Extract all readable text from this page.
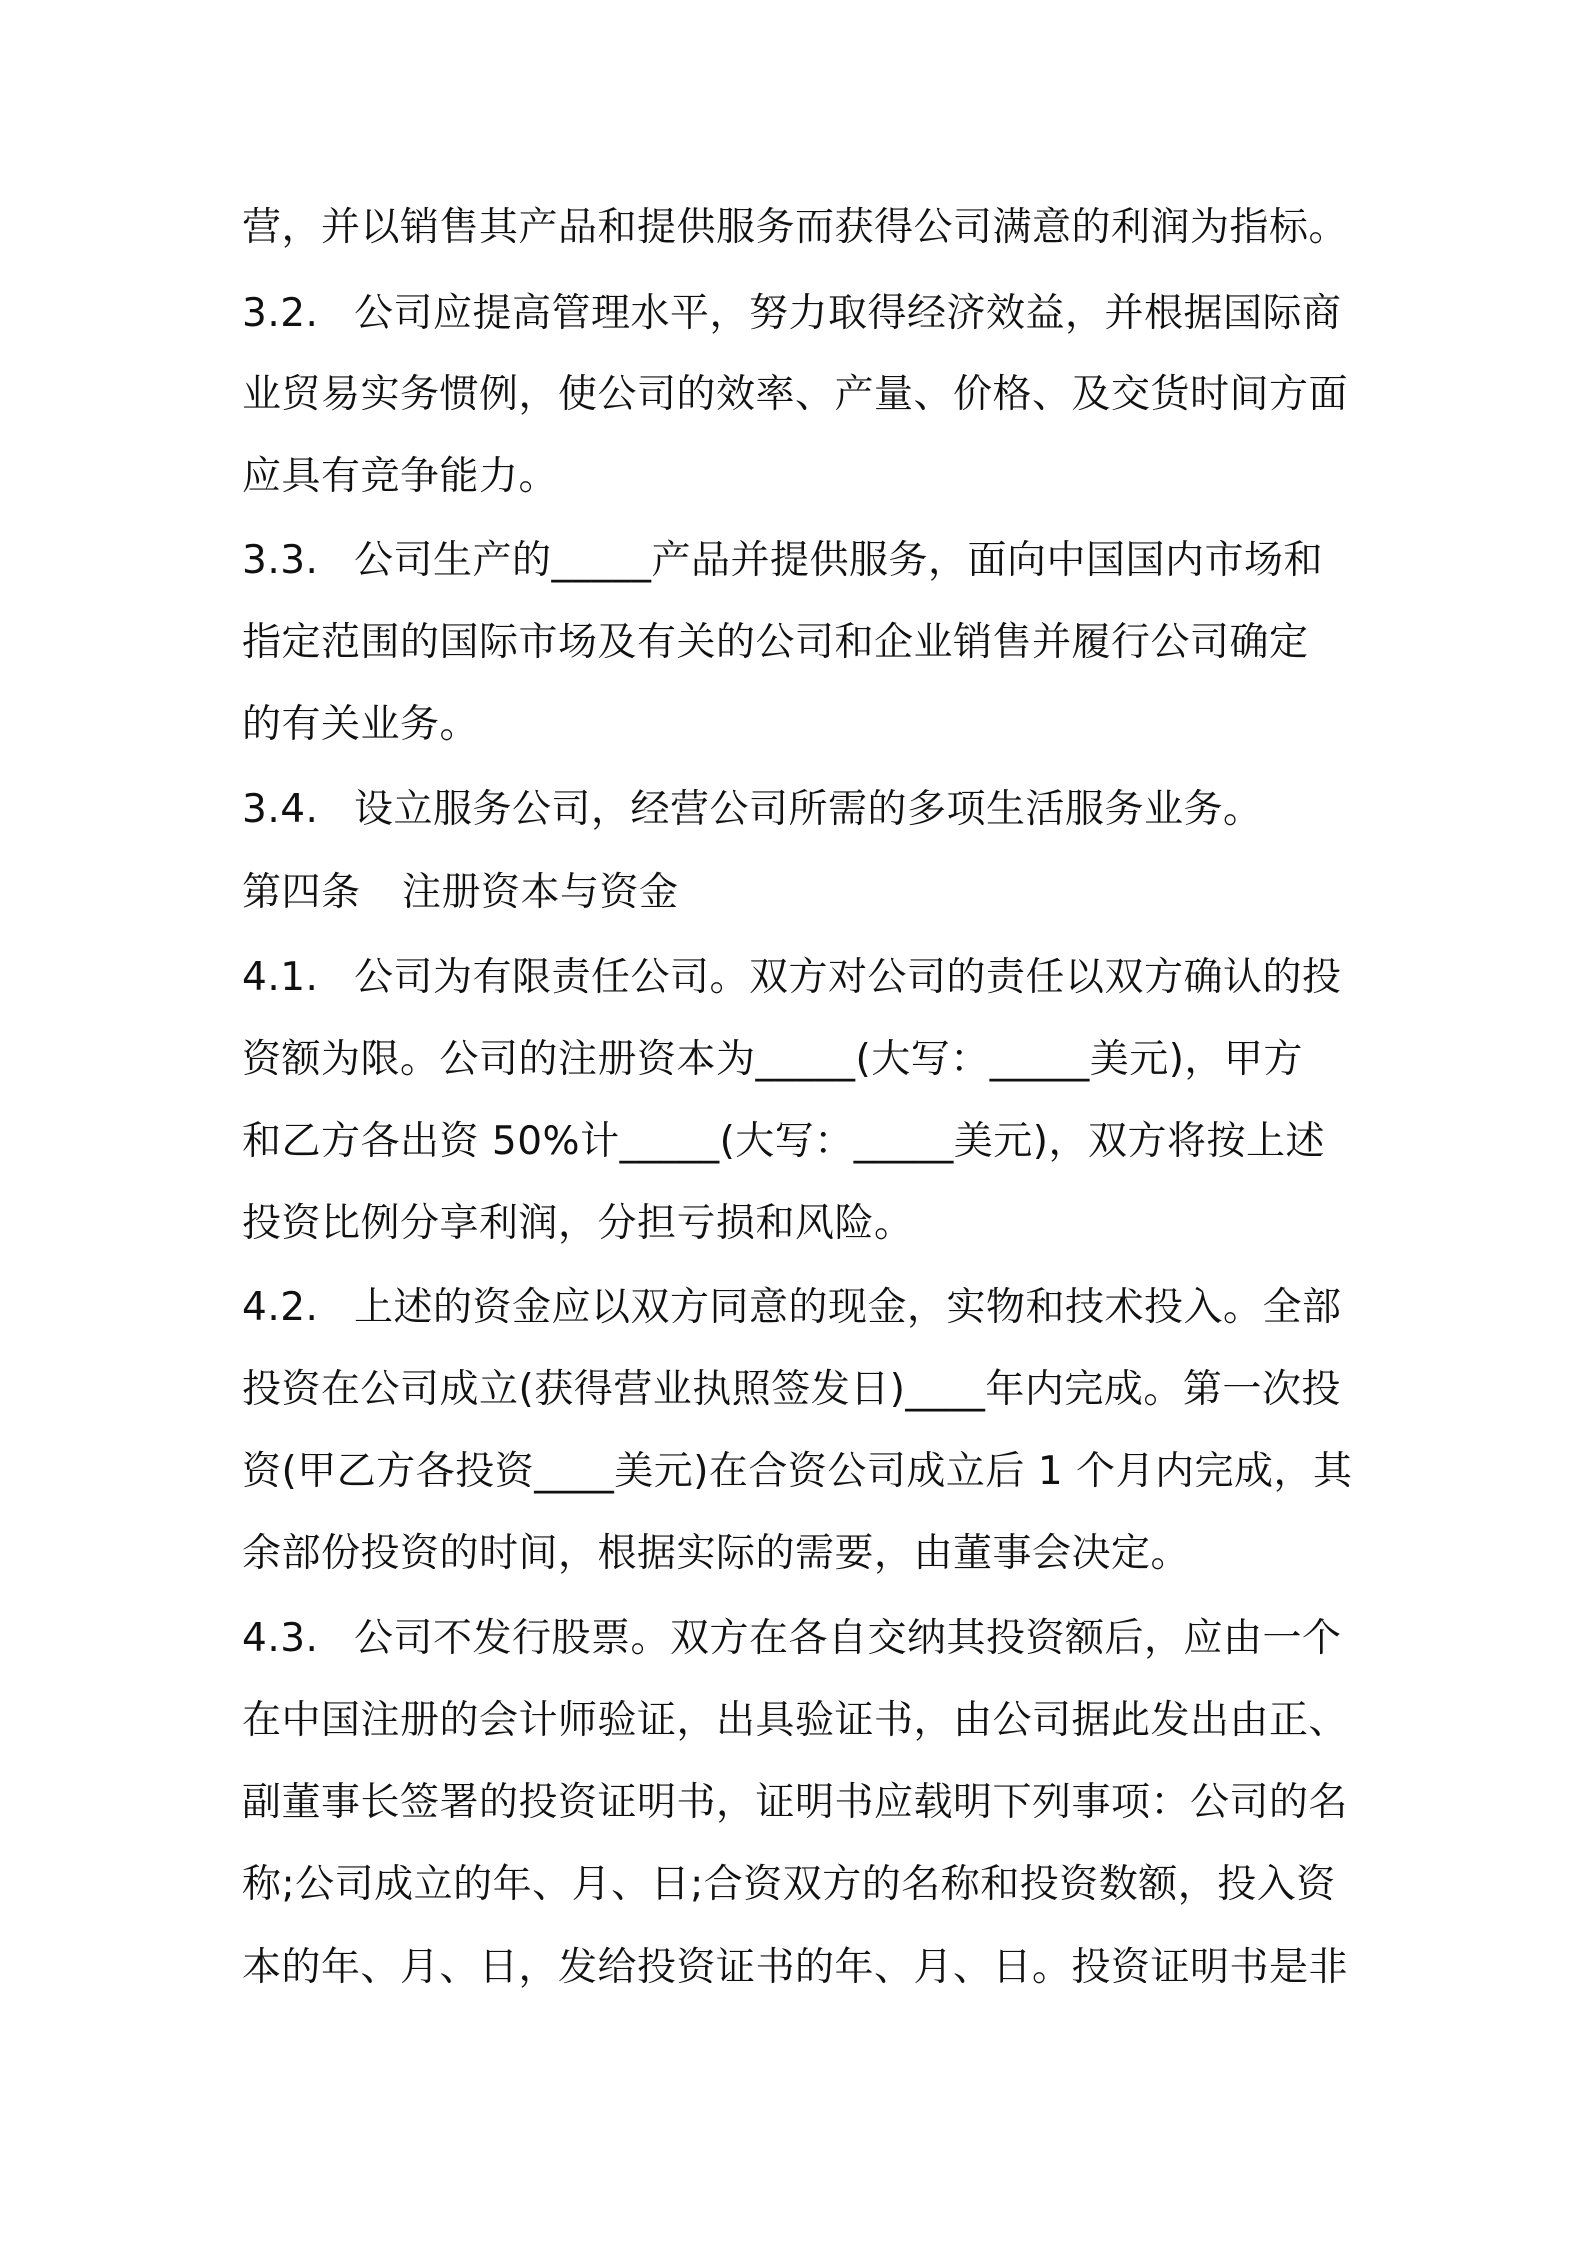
营，并以销售其产品和提供服务而获得公司满意的利润为指标。
3.2. 公司应提高管理水平，努力取得经济效益，并根据国际商
业贸易实务惯例，使公司的效率、产量、价格、及交货时间方面
应具有竞争能力。
3.3. 公司生产的_____产品并提供服务，面向中国国内市场和
指定范围的国际市场及有关的公司和企业销售并履行公司确定
的有关业务。
3.4. 设立服务公司，经营公司所需的多项生活服务业务。
第四条 注册资本与资金
4.1. 公司为有限责任公司。双方对公司的责任以双方确认的投
资额为限。公司的注册资本为_____(大写：_____美元)，甲方
和乙方各出资 50%计_____(大写：_____美元)，双方将按上述
投资比例分享利润，分担亏损和风险。
4.2. 上述的资金应以双方同意的现金，实物和技术投入。全部
投资在公司成立(获得营业执照签发日)____年内完成。第一次投
资(甲乙方各投资____美元)在合资公司成立后 1 个月内完成，其
余部份投资的时间，根据实际的需要，由董事会决定。
4.3. 公司不发行股票。双方在各自交纳其投资额后，应由一个
在中国注册的会计师验证，出具验证书，由公司据此发出由正、
副董事长签署的投资证明书，证明书应载明下列事项：公司的名
称;公司成立的年、月、日;合资双方的名称和投资数额，投入资
本的年、月、日，发给投资证书的年、月、日。投资证明书是非
